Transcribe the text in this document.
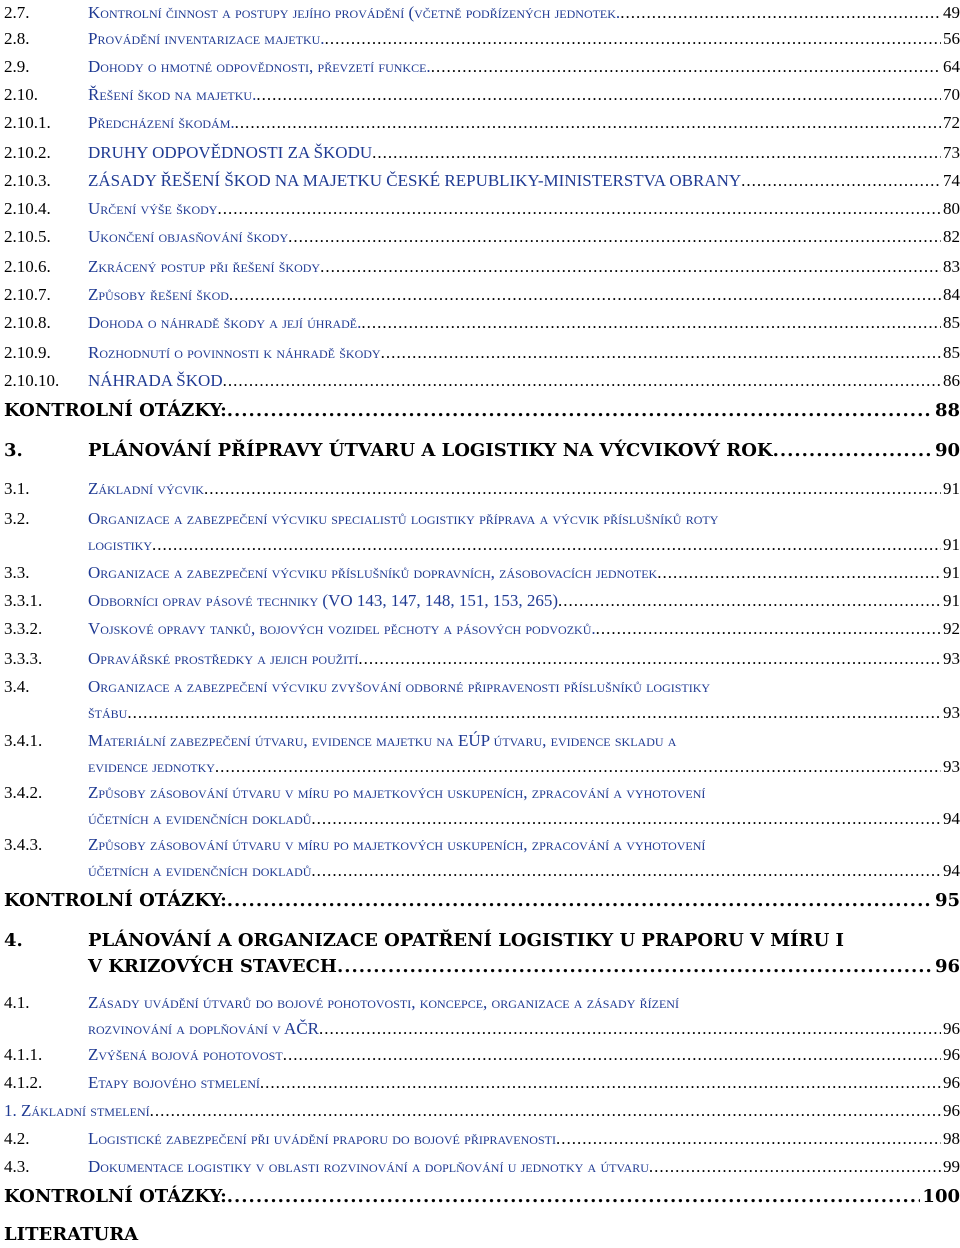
2.7.	Kontrolní činnost a postupy jejího provádění (včetně podřízených jednotek. .....	49
2.8.	Provádění inventarizace majetku. .....	56
2.9.	Dohody o hmotné odpovědnosti, převzetí funkce. .....	64
2.10.	Řešení škod na majetku. .....	70
2.10.1. Předcházení škodám. .....	72
2.10.2. DRUHY ODPOVĚDNOSTI ZA ŠKODU .....	73
2.10.3. ZÁSADY ŘEŠENÍ ŠKOD NA MAJETKU ČESKÉ REPUBLIKY-MINISTERSTVA OBRANY .....	74
2.10.4. Určení výše škody .....	80
2.10.5. Ukončení objasňování škody .....	82
2.10.6. Zkrácený postup při řešení škody .....	83
2.10.7. Způsoby řešení škod .....	84
2.10.8. Dohoda o náhradě škody a její úhradě. .....	85
2.10.9. Rozhodnutí o povinnosti k náhradě škody .....	85
2.10.10. NÁHRADA ŠKOD .....	86
KONTROLNÍ OTÁZKY: .....	88
3.	PLÁNOVÁNÍ PŘÍPRAVY ÚTVARU A LOGISTIKY NA VÝCVIKOVÝ ROK .....	90
3.1.	Základní výcvik .....	91
3.2.	Organizace a zabezpečení výcviku specialistů logistiky příprava a výcvik příslušníků roty
logistiky .....	91
3.3.	Organizace a zabezpečení výcviku příslušníků dopravních, zásobovacích jednotek .....	91
3.3.1.	Odborníci oprav pásové techniky (VO 143, 147, 148, 151, 153, 265) .....	91
3.3.2.	Vojskové opravy tanků, bojových vozidel pěchoty a pásových podvozků. .....	92
3.3.3.	Opravářské prostředky a jejich použití .....	93
3.4.	Organizace a zabezpečení výcviku zvyšování odborné připravenosti příslušníků logistiky
štábu .....	93
3.4.1.	Materiální zabezpečení útvaru, evidence majetku na EÚP útvaru, evidence skladu a
evidence jednotky .....	93
3.4.2.	Způsoby zásobování útvaru v míru po majetkových uskupeních, zpracování a vyhotovení
účetních a evidenčních dokladů .....	94
3.4.3.	Způsoby zásobování útvaru v míru po majetkových uskupeních, zpracování a vyhotovení
účetních a evidenčních dokladů .....	94
KONTROLNÍ OTÁZKY: .....	95
4.	PLÁNOVÁNÍ A ORGANIZACE OPATŘENÍ LOGISTIKY U PRAPORU V MÍRU I
V KRIZOVÝCH STAVECH .....	96
4.1.	Zásady uvádění útvarů do bojové pohotovosti, koncepce, organizace a zásady řízení
rozvinování a doplňování v AČR .....	96
4.1.1.	Zvýšená bojová pohotovost .....	96
4.1.2.	Etapy bojového stmelení .....	96
1. Základní stmelení .....	96
4.2.	Logistické zabezpečení při uvádění praporu do bojové připravenosti .....	98
4.3.	Dokumentace logistiky v oblasti rozvinování a doplňování u jednotky a útvaru .....	99
KONTROLNÍ OTÁZKY: .....	100
LITERATURA
